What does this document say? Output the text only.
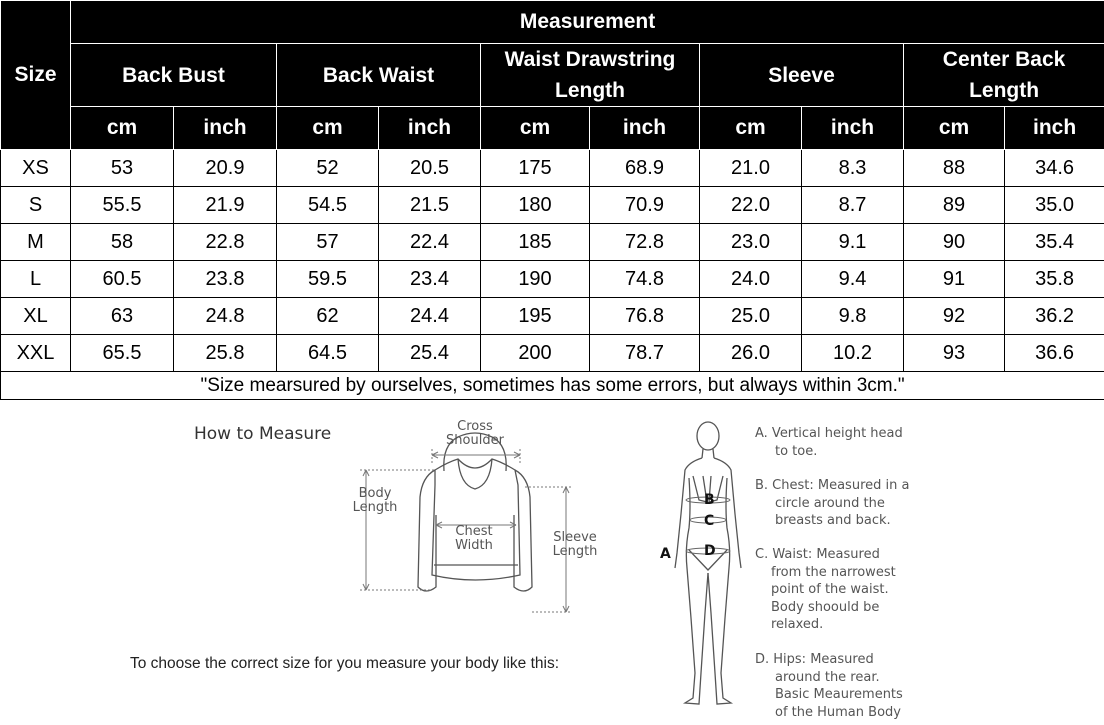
Size	Measurement									
	Back Bust		Back Waist		Waist Drawstring Length		Sleeve		Center Back Length	
	cm	inch	cm	inch	cm	inch	cm	inch	cm	inch
XS	53	20.9	52	20.5	175	68.9	21.0	8.3	88	34.6
S	55.5	21.9	54.5	21.5	180	70.9	22.0	8.7	89	35.0
M	58	22.8	57	22.4	185	72.8	23.0	9.1	90	35.4
L	60.5	23.8	59.5	23.4	190	74.8	24.0	9.4	91	35.8
XL	63	24.8	62	24.4	195	76.8	25.0	9.8	92	36.2
XXL	65.5	25.8	64.5	25.4	200	78.7	26.0	10.2	93	36.6
"Size mearsured by ourselves, sometimes has some errors, but always within 3cm."										
How to Measure	Cross
Shoulder
Body
Length
Chest
Width
Sleeve
Length
To choose the correct size for you measure your body like this:
A
B
C
D
A. Vertical height head
to toe.
B. Chest: Measured in a
circle around the
breasts and back.
C. Waist: Measured
from the narrowest
point of the waist.
Body shoould be
relaxed.
D. Hips: Measured
around the rear.
Basic Meaurements
of the Human Body
